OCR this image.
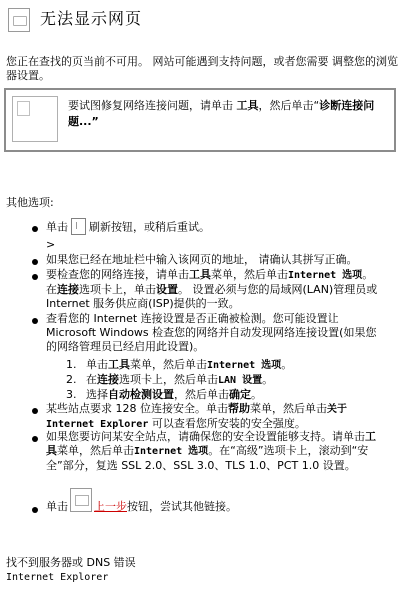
无法显示网页
您正在查找的页当前不可用。 网站可能遇到支持问题，或者您需要 调整您的浏览器设置。
要试图修复网络连接问题，请单击 工具，然后单击“诊断连接问题...”
其他选项:
单击 刷新按钮，或稍后重试。
>
如果您已经在地址栏中输入该网页的地址， 请确认其拼写正确。
要检查您的网络连接，请单击工具菜单，然后单击Internet 选项。在连接选项卡上，单击设置。 设置必须与您的局域网(LAN)管理员或 Internet 服务供应商(ISP)提供的一致。
查看您的 Internet 连接设置是否正确被检测。您可能设置让 Microsoft Windows 检查您的网络并自动发现网络连接设置(如果您的网络管理员已经启用此设置)。
1. 单击工具菜单，然后单击Internet 选项。
2. 在连接选项卡上，然后单击LAN 设置。
3. 选择自动检测设置，然后单击确定。
某些站点要求 128 位连接安全。单击帮助菜单，然后单击关于 Internet Explorer 可以查看您所安装的安全强度。
如果您要访问某安全站点，请确保您的安全设置能够支持。请单击工具菜单，然后单击Internet 选项。在“高级”选项卡上，滚动到“安全”部分，复选 SSL 2.0、SSL 3.0、TLS 1.0、PCT 1.0 设置。
单击	上一步按钮，尝试其他链接。
找不到服务器或 DNS 错误
Internet Explorer
